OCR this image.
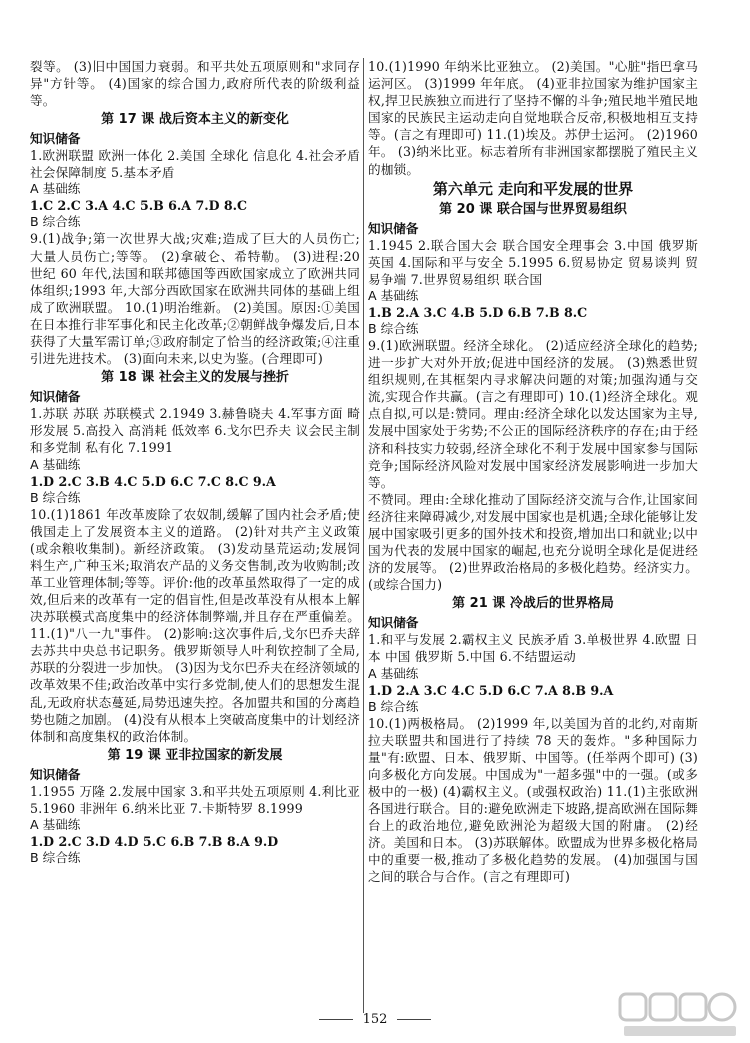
裂等。 (3)旧中国国力衰弱。和平共处五项原则和"求同存异"方针等。 (4)国家的综合国力,政府所代表的阶级利益等。
第 17 课 战后资本主义的新变化
知识储备
1.欧洲联盟 欧洲一体化 2.美国 全球化 信息化 4.社会矛盾 社会保障制度 5.基本矛盾
A 基础练
1.C 2.C 3.A 4.C 5.B 6.A 7.D 8.C
B 综合练
9.(1)战争;第一次世界大战;灾难;造成了巨大的人员伤亡;大量人员伤亡;等等。 (2)拿破仑、希特勒。 (3)进程:20 世纪 60 年代,法国和联邦德国等西欧国家成立了欧洲共同体组织;1993 年,大部分西欧国家在欧洲共同体的基础上组成了欧洲联盟。 10.(1)明治维新。 (2)美国。原因:①美国在日本推行非军事化和民主化改革;②朝鲜战争爆发后,日本获得了大量军需订单;③政府制定了恰当的经济政策;④注重引进先进技术。 (3)面向未来,以史为鉴。(合理即可)
第 18 课 社会主义的发展与挫折
知识储备
1.苏联 苏联 苏联模式 2.1949 3.赫鲁晓夫 4.军事方面 畸形发展 5.高投入 高消耗 低效率 6.戈尔巴乔夫 议会民主制和多党制 私有化 7.1991
A 基础练
1.D 2.C 3.B 4.C 5.D 6.C 7.C 8.C 9.A
B 综合练
10.(1)1861 年改革废除了农奴制,缓解了国内社会矛盾;使俄国走上了发展资本主义的道路。 (2)针对共产主义政策(或余粮收集制)。新经济政策。 (3)发动垦荒运动;发展饲料生产,广种玉米;取消农产品的义务交售制,改为收购制;改革工业管理体制;等等。评价:他的改革虽然取得了一定的成效,但后来的改革有一定的倡盲性,但是改革没有从根本上解决苏联模式高度集中的经济体制弊端,并且存在严重偏差。 11.(1)"八一九"事件。 (2)影响:这次事件后,戈尔巴乔夫辞去苏共中央总书记职务。俄罗斯领导人叶利钦控制了全局,苏联的分裂进一步加快。 (3)因为戈尔巴乔夫在经济领域的改革效果不佳;政治改革中实行多党制,使人们的思想发生混乱,无政府状态蔓延,局势迅速失控。各加盟共和国的分离趋势也随之加剧。 (4)没有从根本上突破高度集中的计划经济体制和高度集权的政治体制。
第 19 课 亚非拉国家的新发展
知识储备
1.1955 万隆 2.发展中国家 3.和平共处五项原则 4.利比亚 5.1960 非洲年 6.纳米比亚 7.卡斯特罗 8.1999
A 基础练
1.D 2.C 3.D 4.D 5.C 6.B 7.B 8.A 9.D
B 综合练
10.(1)1990 年纳米比亚独立。 (2)美国。"心脏"指巴拿马运河区。 (3)1999 年年底。 (4)亚非拉国家为维护国家主权,捍卫民族独立而进行了坚持不懈的斗争;殖民地半殖民地国家的民族民主运动走向自觉地联合反帝,积极地相互支持等。(言之有理即可) 11.(1)埃及。苏伊士运河。 (2)1960 年。 (3)纳米比亚。标志着所有非洲国家都摆脱了殖民主义的枷锁。
第六单元 走向和平发展的世界
第 20 课 联合国与世界贸易组织
知识储备
1.1945 2.联合国大会 联合国安全理事会 3.中国 俄罗斯 英国 4.国际和平与安全 5.1995 6.贸易协定 贸易谈判 贸易争端 7.世界贸易组织 联合国
A 基础练
1.B 2.A 3.C 4.B 5.D 6.B 7.B 8.C
B 综合练
9.(1)欧洲联盟。经济全球化。 (2)适应经济全球化的趋势;进一步扩大对外开放;促进中国经济的发展。 (3)熟悉世贸组织规则,在其框架内寻求解决问题的对策;加强沟通与交流,实现合作共赢。(言之有理即可) 10.(1)经济全球化。观点自拟,可以是:赞同。理由:经济全球化以发达国家为主导,发展中国家处于劣势;不公正的国际经济秩序的存在;由于经济和科技实力较弱,经济全球化不利于发展中国家参与国际竞争;国际经济风险对发展中国家经济发展影响进一步加大等。
不赞同。理由:全球化推动了国际经济交流与合作,让国家间经济往来障碍减少,对发展中国家也是机遇;全球化能够让发展中国家吸引更多的国外技术和投资,增加出口和就业;以中国为代表的发展中国家的崛起,也充分说明全球化是促进经济的发展等。 (2)世界政治格局的多极化趋势。经济实力。(或综合国力)
第 21 课 冷战后的世界格局
知识储备
1.和平与发展 2.霸权主义 民族矛盾 3.单极世界 4.欧盟 日本 中国 俄罗斯 5.中国 6.不结盟运动
A 基础练
1.D 2.A 3.C 4.C 5.D 6.C 7.A 8.B 9.A
B 综合练
10.(1)两极格局。 (2)1999 年,以美国为首的北约,对南斯拉夫联盟共和国进行了持续 78 天的轰炸。"多种国际力量"有:欧盟、日本、俄罗斯、中国等。(任举两个即可) (3)向多极化方向发展。中国成为"一超多强"中的一强。(或多极中的一极) (4)霸权主义。(或强权政治) 11.(1)主张欧洲各国进行联合。目的:避免欧洲走下坡路,提高欧洲在国际舞台上的政治地位,避免欧洲沦为超级大国的附庸。 (2)经济。美国和日本。 (3)苏联解体。欧盟成为世界多极化格局中的重要一极,推动了多极化趋势的发展。 (4)加强国与国之间的联合与合作。(言之有理即可)
152
